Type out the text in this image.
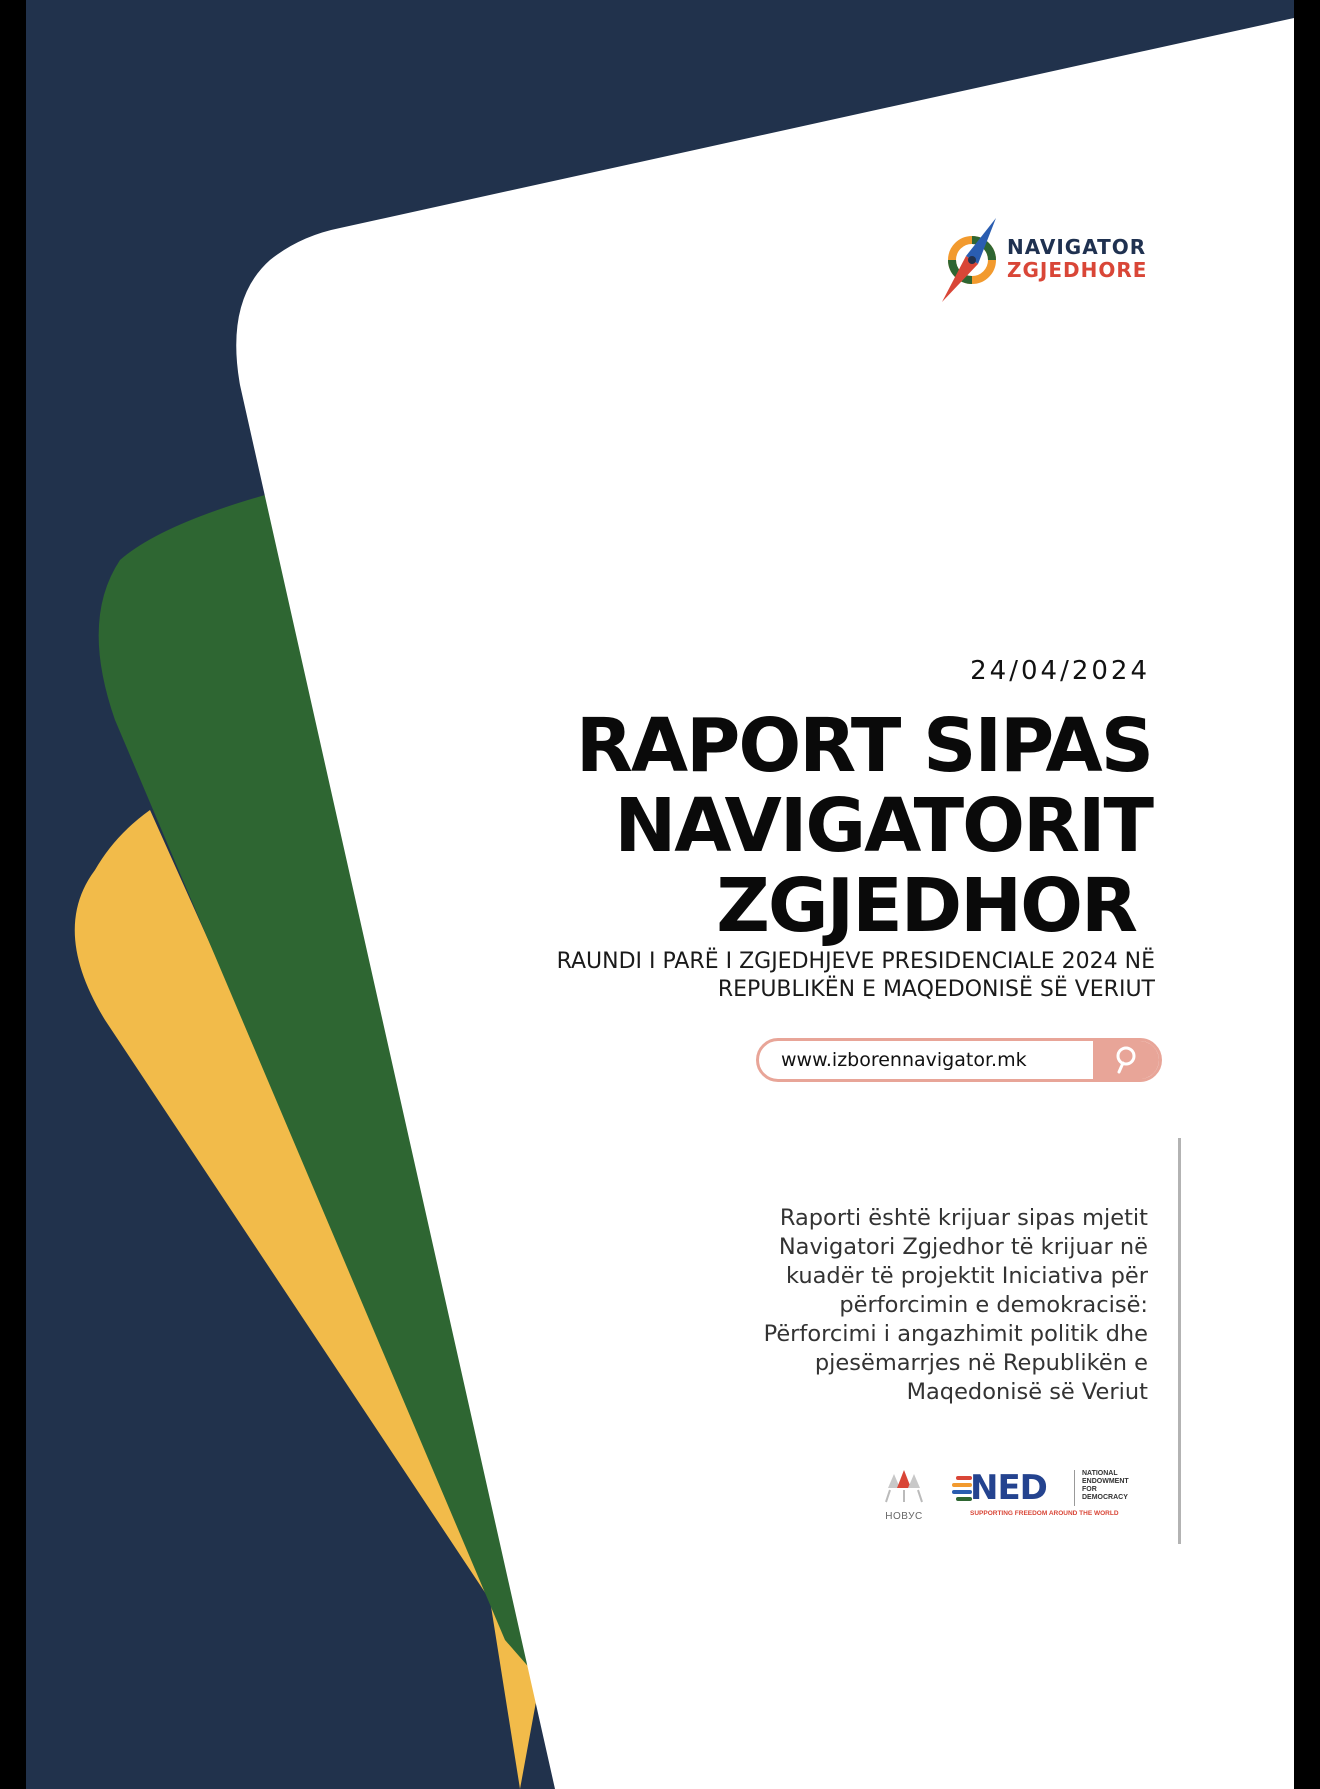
NAVIGATOR
ZGJEDHORE
24/04/2024
RAPORT SIPAS
NAVIGATORIT
ZGJEDHOR
RAUNDI I PARË I ZGJEDHJEVE PRESIDENCIALE 2024 NË
REPUBLIKËN E MAQEDONISË SË VERIUT
www.izborennavigator.mk
Raporti është krijuar sipas mjetit
Navigatori Zgjedhor të krijuar në
kuadër të projektit Iniciativa për
përforcimin e demokracisë:
Përforcimi i angazhimit politik dhe
pjesëmarrjes në Republikën e
Maqedonisë së Veriut
НОВУС
NED	NATIONAL
ENDOWMENT
FOR
DEMOCRACY
SUPPORTING FREEDOM AROUND THE WORLD
